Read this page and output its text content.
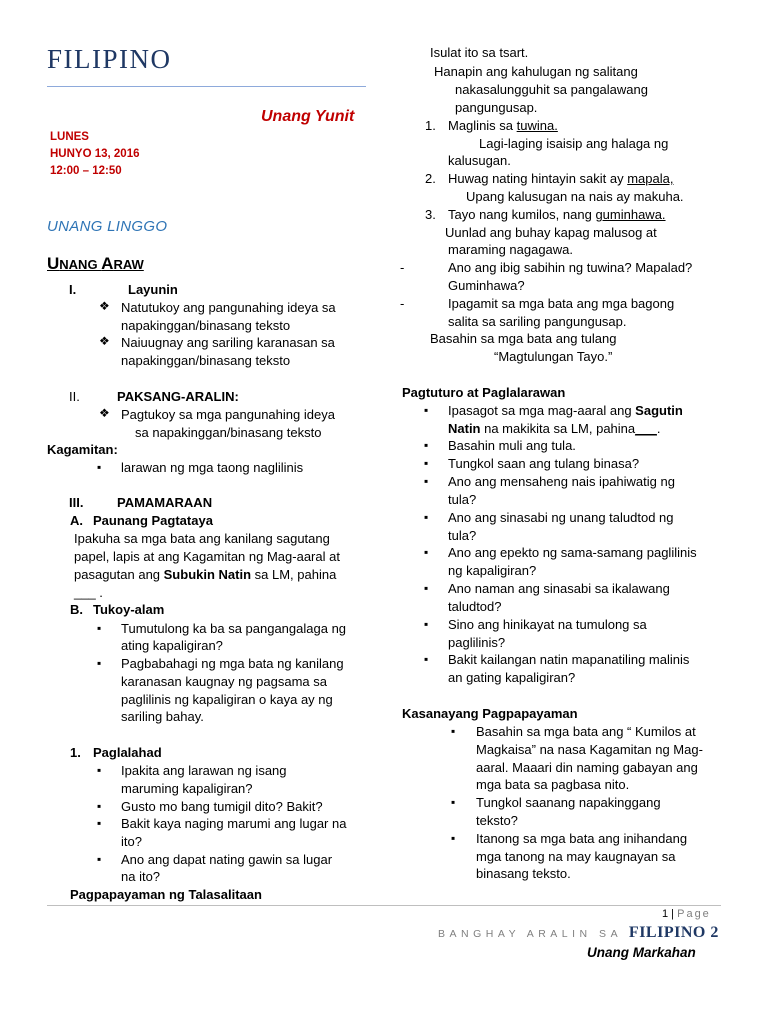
FILIPINO
Unang Yunit
LUNES
HUNYO 13, 2016
12:00 – 12:50
UNANG LINGGO
UNANG ARAW
I.	Layunin
❖ Natutukoy ang pangunahing ideya sa
napakinggan/binasang teksto
❖ Naiuugnay ang sariling karanasan sa
napakinggan/binasang teksto
II.	PAKSANG-ARALIN:
❖ Pagtukoy sa mga pangunahing ideya
sa napakinggan/binasang teksto
Kagamitan:
▪ larawan ng mga taong naglilinis
III.	PAMAMARAAN
A. Paunang Pagtataya
Ipakuha sa mga bata ang kanilang sagutang
papel, lapis at ang Kagamitan ng Mag-aaral at
pasagutan ang Subukin Natin sa LM, pahina
___ .
B. Tukoy-alam
▪ Tumutulong ka ba sa pangangalaga ng
ating kapaligiran?
▪ Pagbabahagi ng mga bata ng kanilang
karanasan kaugnay ng pagsama sa
paglilinis ng kapaligiran o kaya ay ng
sariling bahay.
1. Paglalahad
▪ Ipakita ang larawan ng isang
maruming kapaligiran?
▪ Gusto mo bang tumigil dito? Bakit?
▪ Bakit kaya naging marumi ang lugar na
ito?
▪ Ano ang dapat nating gawin sa lugar
na ito?
Pagpapayaman ng Talasalitaan
Isulat ito sa tsart.
Hanapin ang kahulugan ng salitang
nakasalungguhit sa pangalawang
pangungusap.
1. Maglinis sa tuwina.
Lagi-laging isaisip ang halaga ng
kalusugan.
2. Huwag nating hintayin sakit ay mapala,
Upang kalusugan na nais ay makuha.
3. Tayo nang kumilos, nang guminhawa.
Uunlad ang buhay kapag malusog at
maraming nagagawa.
-	Ano ang ibig sabihin ng tuwina? Mapalad?
Guminhawa?
-	Ipagamit sa mga bata ang mga bagong
salita sa sariling pangungusap.
Basahin sa mga bata ang tulang
“Magtulungan Tayo.”
Pagtuturo at Paglalarawan
▪ Ipasagot sa mga mag-aaral ang Sagutin
Natin na makikita sa LM, pahina___.
▪ Basahin muli ang tula.
▪ Tungkol saan ang tulang binasa?
▪ Ano ang mensaheng nais ipahiwatig ng
tula?
▪ Ano ang sinasabi ng unang taludtod ng
tula?
▪ Ano ang epekto ng sama-samang paglilinis
ng kapaligiran?
▪ Ano naman ang sinasabi sa ikalawang
taludtod?
▪ Sino ang hinikayat na tumulong sa
paglilinis?
▪ Bakit kailangan natin mapanatiling malinis
an gating kapaligiran?
Kasanayang Pagpapayaman
▪ Basahin sa mga bata ang “ Kumilos at
Magkaisa” na nasa Kagamitan ng Mag-
aaral. Maaari din naming gabayan ang
mga bata sa pagbasa nito.
▪ Tungkol saanang napakinggang
teksto?
▪ Itanong sa mga bata ang inihandang
mga tanong na may kaugnayan sa
binasang teksto.
1 | Page
BANGHAY ARALIN SA FILIPINO 2
Unang Markahan
